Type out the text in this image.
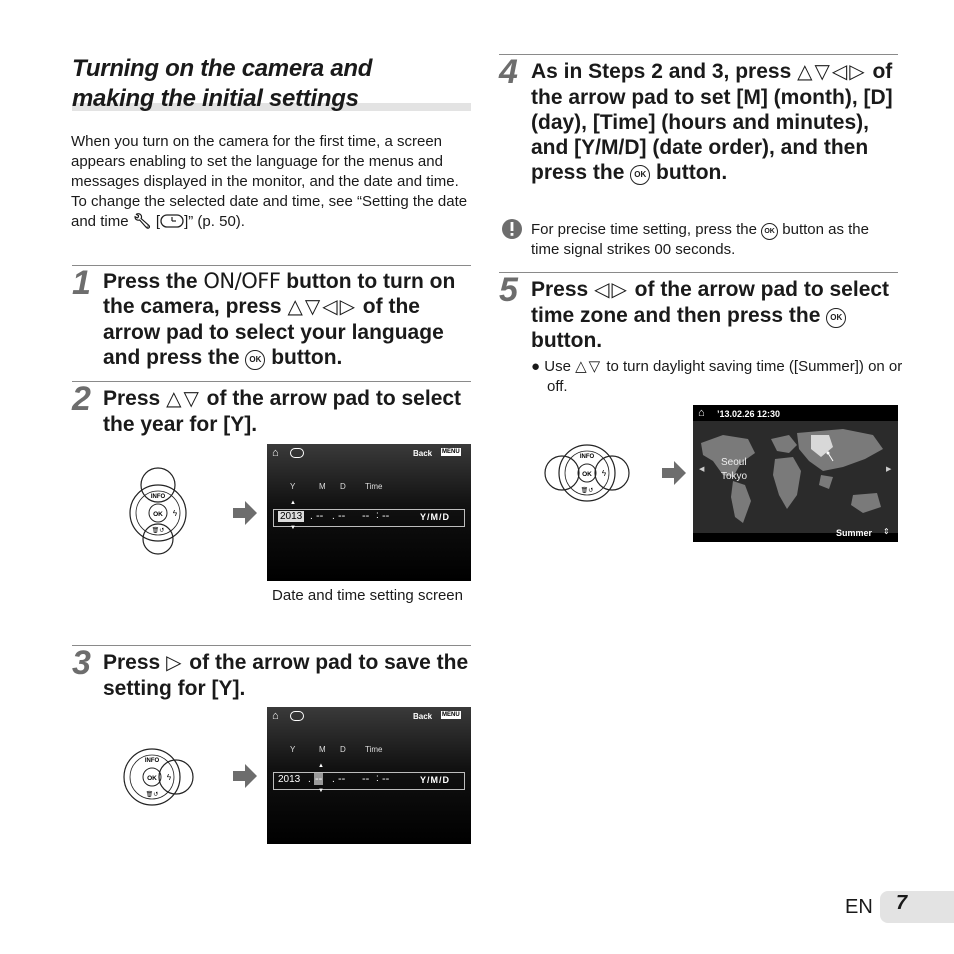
Turning on the camera and
making the initial settings
When you turn on the camera for the first time, a screen appears enabling to set the language for the menus and messages displayed in the monitor, and the date and time.
To change the selected date and time, see “Setting the date and time 🔧︎ [ ]” (p. 50).
1 Press the ON/OFF button to turn on the camera, press △▽◁▷ of the arrow pad to select your language and press the OK button.
2 Press △▽ of the arrow pad to select the year for [Y].
INFO
OK ϟ
🗑↺
⌂	Back MENU
Y	M D Time
▲
2013 . -- . -- -- : --	Y/M/D
▼
Date and time setting screen
3 Press ▷ of the arrow pad to save the setting for [Y].
INFO
OK ϟ
🗑↺
⌂	Back MENU
Y	M D Time
▲
2013 . -- . -- -- : --	Y/M/D
▼
4 As in Steps 2 and 3, press △▽◁▷ of the arrow pad to set [M] (month), [D] (day), [Time] (hours and minutes), and [Y/M/D] (date order), and then press the OK button.
For precise time setting, press the OK button as the time signal strikes 00 seconds.
5 Press ◁▷ of the arrow pad to select time zone and then press the OK button.
● Use △▽ to turn daylight saving time ([Summer]) on or off.
INFO
OK ϟ
🗑↺
◀	▶
⌂ ’13.02.26 12:30
Seoul
Tokyo
Summer ⇕
EN 7
